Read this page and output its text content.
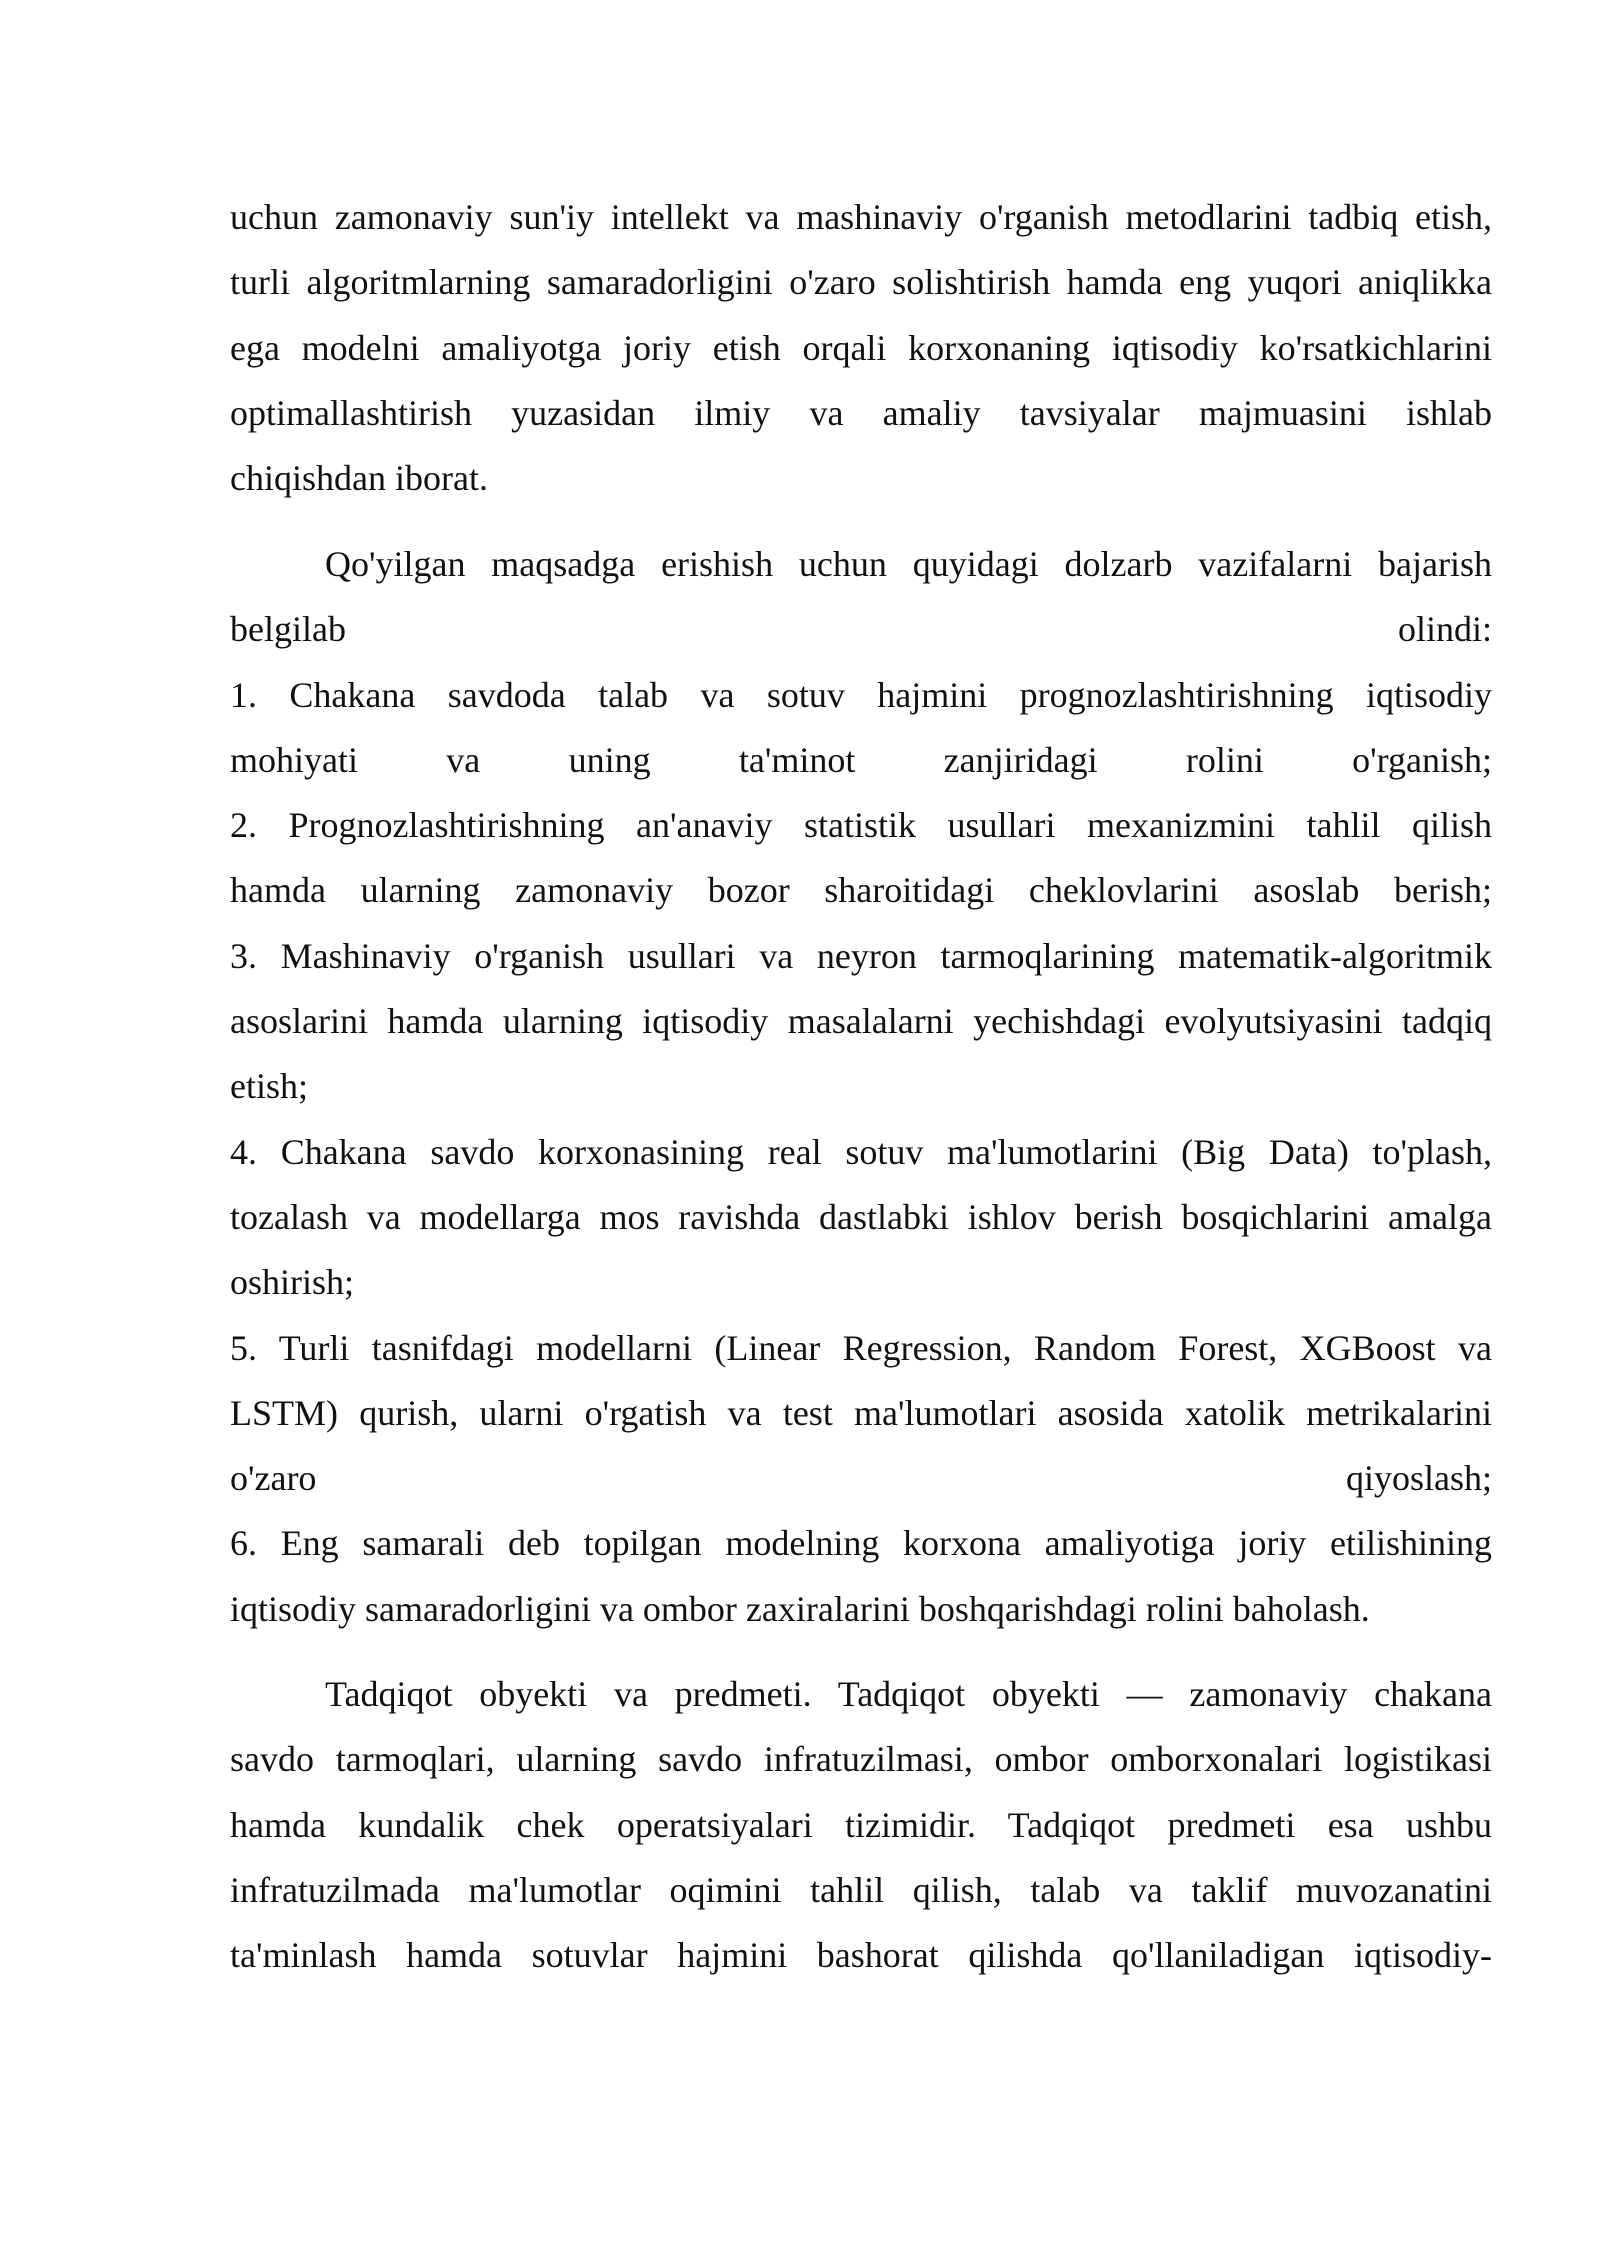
uchun zamonaviy sun'iy intellekt va mashinaviy o'rganish metodlarini tadbiq etish,
turli algoritmlarning samaradorligini o'zaro solishtirish hamda eng yuqori aniqlikka
ega modelni amaliyotga joriy etish orqali korxonaning iqtisodiy ko'rsatkichlarini
optimallashtirish yuzasidan ilmiy va amaliy tavsiyalar majmuasini ishlab
chiqishdan iborat.
Qo'yilgan maqsadga erishish uchun quyidagi dolzarb vazifalarni bajarish
belgilab olindi:
1. Chakana savdoda talab va sotuv hajmini prognozlashtirishning iqtisodiy
mohiyati va uning ta'minot zanjiridagi rolini o'rganish;
2. Prognozlashtirishning an'anaviy statistik usullari mexanizmini tahlil qilish
hamda ularning zamonaviy bozor sharoitidagi cheklovlarini asoslab berish;
3. Mashinaviy o'rganish usullari va neyron tarmoqlarining matematik-algoritmik
asoslarini hamda ularning iqtisodiy masalalarni yechishdagi evolyutsiyasini tadqiq
etish;
4. Chakana savdo korxonasining real sotuv ma'lumotlarini (Big Data) to'plash,
tozalash va modellarga mos ravishda dastlabki ishlov berish bosqichlarini amalga
oshirish;
5. Turli tasnifdagi modellarni (Linear Regression, Random Forest, XGBoost va
LSTM) qurish, ularni o'rgatish va test ma'lumotlari asosida xatolik metrikalarini
o'zaro qiyoslash;
6. Eng samarali deb topilgan modelning korxona amaliyotiga joriy etilishining
iqtisodiy samaradorligini va ombor zaxiralarini boshqarishdagi rolini baholash.
Tadqiqot obyekti va predmeti. Tadqiqot obyekti — zamonaviy chakana
savdo tarmoqlari, ularning savdo infratuzilmasi, ombor omborxonalari logistikasi
hamda kundalik chek operatsiyalari tizimidir. Tadqiqot predmeti esa ushbu
infratuzilmada ma'lumotlar oqimini tahlil qilish, talab va taklif muvozanatini
ta'minlash hamda sotuvlar hajmini bashorat qilishda qo'llaniladigan iqtisodiy-
